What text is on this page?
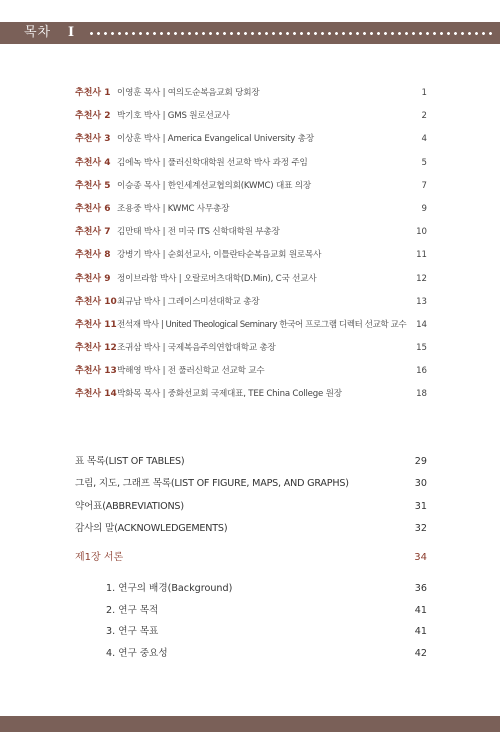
목차 I
추천사 1 이영훈 목사 | 여의도순복음교회 당회장	1
추천사 2 박기호 박사 | GMS 원로선교사	2
추천사 3 이상훈 박사 | America Evangelical University 총장	4
추천사 4 김에녹 박사 | 풀러신학대학원 선교학 박사 과정 주임	5
추천사 5 이승종 목사 | 한인세계선교협의회(KWMC) 대표 의장	7
추천사 6 조용중 박사 | KWMC 사무총장	9
추천사 7 김만태 박사 | 전 미국 ITS 신학대학원 부총장	10
추천사 8 강병기 박사 | 순회선교사, 이틀란타순복음교회 원로목사	11
추천사 9 정이브라함 박사 | 오랄로버츠대학(D.Min), C국 선교사	12
추천사 10 최규남 박사 | 그레이스미션대학교 총장	13
추천사 11 전석재 박사 | United Theological Seminary 한국어 프로그램 디렉터 선교학 교수 14
추천사 12 조귀삼 박사 | 국제복음주의연합대학교 총장	15
추천사 13 박해영 박사 | 전 풀러신학교 선교학 교수	16
추천사 14 박화목 목사 | 중화선교회 국제대표, TEE China College 원장	18
표 목록(LIST OF TABLES)	29
그림, 지도, 그래프 목록(LIST OF FIGURE, MAPS, AND GRAPHS)	30
약어표(ABBREVIATIONS)	31
감사의 말(ACKNOWLEDGEMENTS)	32
제1장 서론	34
1. 연구의 배경(Background)	36
2. 연구 목적	41
3. 연구 목표	41
4. 연구 중요성	42
